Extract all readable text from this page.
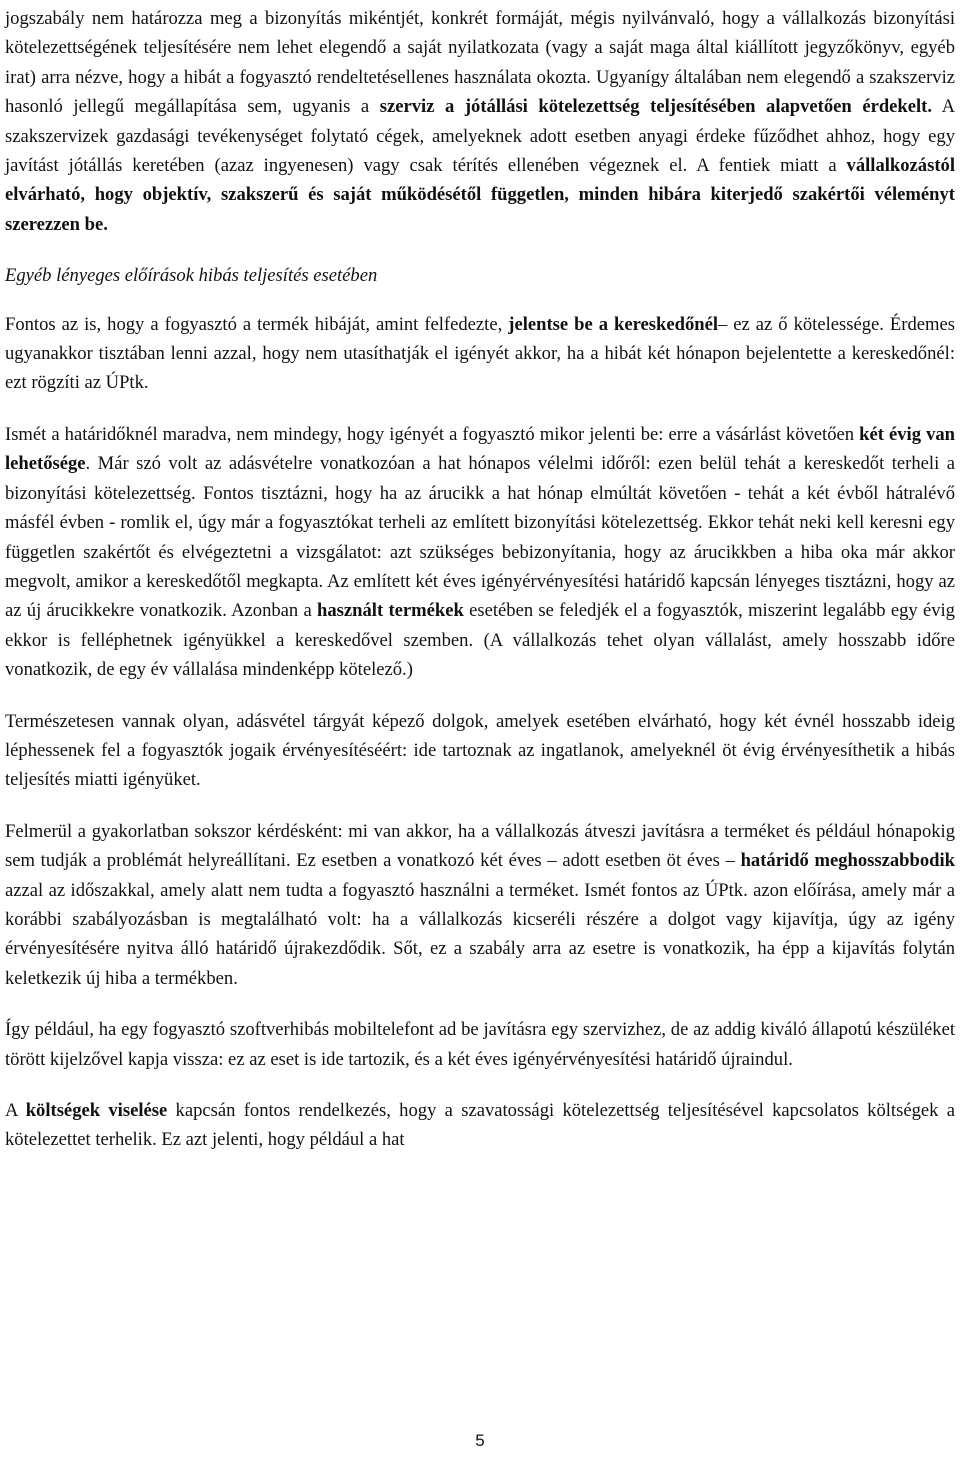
jogszabály nem határozza meg a bizonyítás mikéntjét, konkrét formáját, mégis nyilvánvaló, hogy a vállalkozás bizonyítási kötelezettségének teljesítésére nem lehet elegendő a saját nyilatkozata (vagy a saját maga által kiállított jegyzőkönyv, egyéb irat) arra nézve, hogy a hibát a fogyasztó rendeltetésellenes használata okozta. Ugyanígy általában nem elegendő a szakszerviz hasonló jellegű megállapítása sem, ugyanis a szerviz a jótállási kötelezettség teljesítésében alapvetően érdekelt. A szakszervizek gazdasági tevékenységet folytató cégek, amelyeknek adott esetben anyagi érdeke fűződhet ahhoz, hogy egy javítást jótállás keretében (azaz ingyenesen) vagy csak térítés ellenében végeznek el. A fentiek miatt a vállalkozástól elvárható, hogy objektív, szakszerű és saját működésétől független, minden hibára kiterjedő szakértői véleményt szerezzen be.

Egyéb lényeges előírások hibás teljesítés esetében

Fontos az is, hogy a fogyasztó a termék hibáját, amint felfedezte, jelentse be a kereskedőnél– ez az ő kötelessége. Érdemes ugyanakkor tisztában lenni azzal, hogy nem utasíthatják el igényét akkor, ha a hibát két hónapon bejelentette a kereskedőnél: ezt rögzíti az ÚPtk.

Ismét a határidőknél maradva, nem mindegy, hogy igényét a fogyasztó mikor jelenti be: erre a vásárlást követően két évig van lehetősége. Már szó volt az adásvételre vonatkozóan a hat hónapos vélelmi időről: ezen belül tehát a kereskedőt terheli a bizonyítási kötelezettség. Fontos tisztázni, hogy ha az árucikk a hat hónap elmúltát követően - tehát a két évből hátralévő másfél évben - romlik el, úgy már a fogyasztókat terheli az említett bizonyítási kötelezettség. Ekkor tehát neki kell keresni egy független szakértőt és elvégeztetni a vizsgálatot: azt szükséges bebizonyítania, hogy az árucikkben a hiba oka már akkor megvolt, amikor a kereskedőtől megkapta. Az említett két éves igényérvényesítési határidő kapcsán lényeges tisztázni, hogy az az új árucikkekre vonatkozik. Azonban a használt termékek esetében se feledjék el a fogyasztók, miszerint legalább egy évig ekkor is felléphetnek igényükkel a kereskedővel szemben. (A vállalkozás tehet olyan vállalást, amely hosszabb időre vonatkozik, de egy év vállalása mindenképp kötelező.)

Természetesen vannak olyan, adásvétel tárgyát képező dolgok, amelyek esetében elvárható, hogy két évnél hosszabb ideig léphessenek fel a fogyasztók jogaik érvényesítéséért: ide tartoznak az ingatlanok, amelyeknél öt évig érvényesíthetik a hibás teljesítés miatti igényüket.

Felmerül a gyakorlatban sokszor kérdésként: mi van akkor, ha a vállalkozás átveszi javításra a terméket és például hónapokig sem tudják a problémát helyreállítani. Ez esetben a vonatkozó két éves – adott esetben öt éves – határidő meghosszabbodik azzal az időszakkal, amely alatt nem tudta a fogyasztó használni a terméket. Ismét fontos az ÚPtk. azon előírása, amely már a korábbi szabályozásban is megtalálható volt: ha a vállalkozás kicseréli részére a dolgot vagy kijavítja, úgy az igény érvényesítésére nyitva álló határidő újrakezdődik. Sőt, ez a szabály arra az esetre is vonatkozik, ha épp a kijavítás folytán keletkezik új hiba a termékben.

Így például, ha egy fogyasztó szoftverhibás mobiltelefont ad be javításra egy szervizhez, de az addig kiváló állapotú készüléket törött kijelzővel kapja vissza: ez az eset is ide tartozik, és a két éves igényérvényesítési határidő újraindul.

A költségek viselése kapcsán fontos rendelkezés, hogy a szavatossági kötelezettség teljesítésével kapcsolatos költségek a kötelezettet terhelik. Ez azt jelenti, hogy például a hat

5
